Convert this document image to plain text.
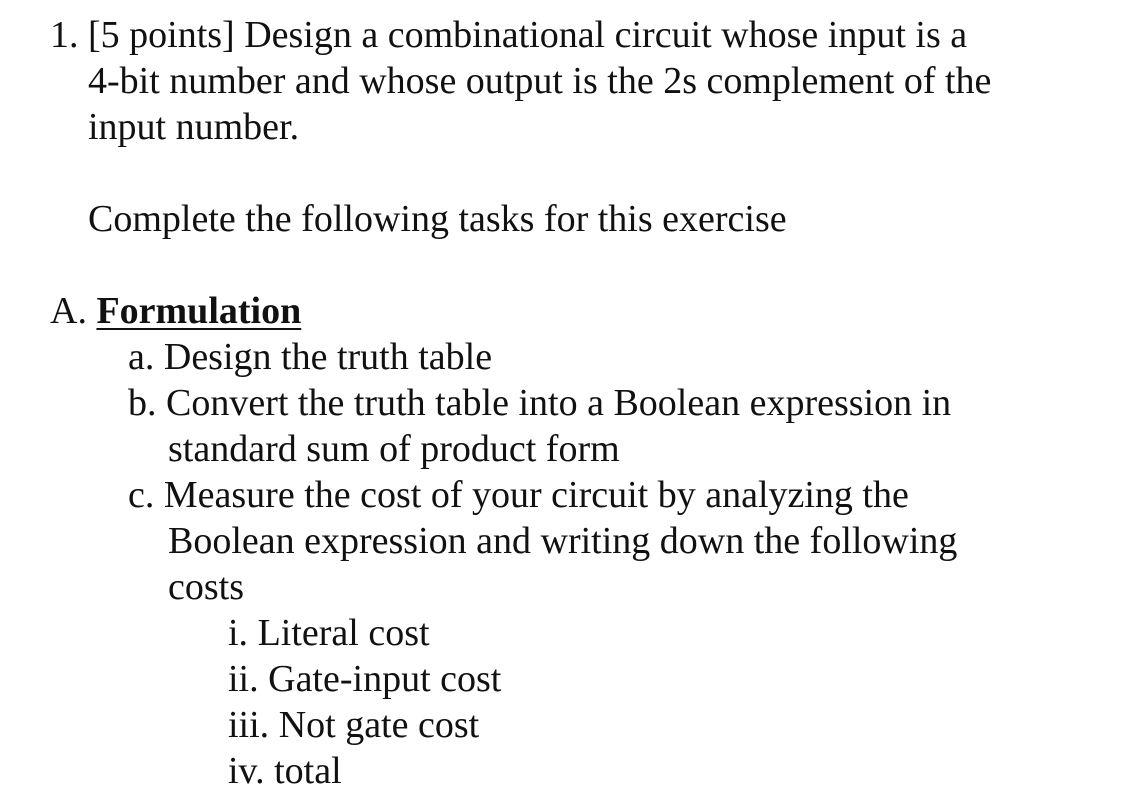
1. [5 points] Design a combinational circuit whose input is a
4-bit number and whose output is the 2s complement of the
input number.
Complete the following tasks for this exercise
A. Formulation
a. Design the truth table
b. Convert the truth table into a Boolean expression in
standard sum of product form
c. Measure the cost of your circuit by analyzing the
Boolean expression and writing down the following
costs
i. Literal cost
ii. Gate-input cost
iii. Not gate cost
iv. total
